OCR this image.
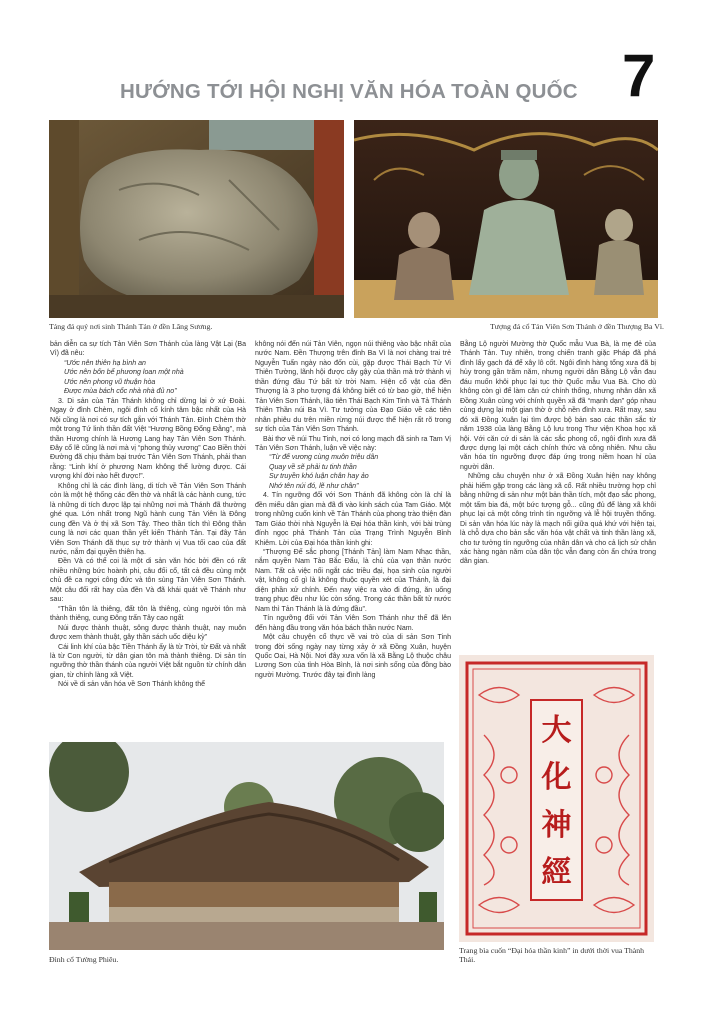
HƯỚNG TỚI HỘI NGHỊ VĂN HÓA TOÀN QUỐC 7
Tảng đá quý nơi sinh Thánh Tản ở đền Lăng Sương.	Tượng đá cổ Tản Viên Sơn Thánh ở đền Thượng Ba Vì.

bản diễn ca sự tích Tản Viên Sơn Thánh của làng Vật Lại (Ba Vì) đã nêu:

“Ước nên thiên hạ bình an

Ước nên bốn bể phương loan một nhà

Ước nên phong vũ thuận hòa

Được mùa bách cốc nhà nhà đủ no”

3. Di sản của Tản Thánh không chỉ dừng lại ở xứ Đoài. Ngay ở đình Chèm, ngôi đình cổ kính tâm bậc nhất của Hà Nội cũng là nơi có sự tích gắn với Thánh Tản. Đình Chèm thờ một trong Tứ linh thần đất Việt “Hương Bồng Đổng Đằng”, mà thần Hương chính là Hương Lang hay Tản Viên Sơn Thánh. Đây cổ lẽ cũng là nơi mà vị “phong thủy vương” Cao Biền thời Đường đã chịu thảm bại trước Tản Viên Sơn Thánh, phải than rằng: “Linh khí ở phương Nam không thể lường được. Cái vượng khí đời nào hết được!”.

Không chỉ là các đình làng, di tích về Tản Viên Sơn Thánh còn là một hệ thống các đền thờ và nhất là các hành cung, tức là những di tích được lập tại những nơi mà Thánh đã thường ghé qua. Lớn nhất trong Ngũ hành cung Tản Viên là Đông cung đền Và ở thị xã Sơn Tây. Theo thần tích thì Đông thần cung là nơi các quan thần yết kiến Thánh Tản. Tại đây Tản Viên Sơn Thánh đã thục sự trở thành vị Vua tối cao của đất nước, nắm đại quyền thiên hạ.

Đền Và có thể coi là một di sản văn hóc bởi đền có rất nhiều những bức hoành phi, câu đối cổ, tất cả đều cùng một chủ đề ca ngợi công đức và tôn sùng Tản Viên Sơn Thánh. Một câu đối rất hay của đền Và đã khái quát về Thánh như sau:

“Thần tôn là thiêng, đất tôn là thiêng, cùng người tôn mà thành thiêng, cung Đông trấn Tây cao ngất

Núi được thành thuật, sông được thành thuật, nay muôn được xem thành thuật, gây thần sách uốc diệu kỳ”

Cái linh khí của bậc Tiền Thánh ấy là từ Trời, từ Đất và nhất là từ Con người, từ dân gian tôn mà thành thiêng. Di sản tín ngưỡng thờ thần thánh của người Việt bắt nguồn từ chính dân gian, từ chính làng xã Việt.

Nói về di sản văn hóa về Sơn Thánh không thể

không nói đến núi Tản Viên, ngọn núi thiêng vào bậc nhất của nước Nam. Đền Thượng trên đỉnh Ba Vì là nơi chàng trai trẻ Nguyễn Tuấn ngày nào đốn củi, gặp được Thái Bạch Tử Vi Thiên Tường, lãnh hội được cây gậy của thần mà trở thành vị thần đứng đầu Tứ bất tử trời Nam. Hiện cổ vật của đền Thượng là 3 pho tượng đá không biết có từ bao giờ, thể hiện Tản Viên Sơn Thánh, lão tiên Thái Bạch Kim Tinh và Tả Thánh Thiên Thần núi Ba Vì. Tư tưởng của Đạo Giáo về các tiên nhân phiêu du trên miền rừng núi được thể hiện rất rõ trong sự tích của Tản Viên Sơn Thánh.

Bài thơ về núi Thu Tinh, nơi có long mạch đã sinh ra Tam Vị Tản Viên Sơn Thánh, luận về việc này:

“Từ đế vương cùng muôn triệu dân

Quay về sẽ phải tu tinh thần

Sự truyền khó luận chân hay ảo

Nhớ tên núi đó, lẽ như chân”

4. Tín ngưỡng đối với Sơn Thánh đã không còn là chỉ là đền miếu dân gian mà đã đi vào kinh sách của Tam Giáo. Một trong những cuốn kinh về Tản Thánh của phong trào thiện đàn Tam Giáo thời nhà Nguyễn là Đại hóa thần kinh, với bài trùng đính ngọc phả Thánh Tản của Trạng Trình Nguyễn Bỉnh Khiêm. Lời của Đại hóa thần kinh ghi:

“Thượng Đế sắc phong [Thánh Tản] làm Nam Nhạc thần, nắm quyền Nam Tào Bắc Đẩu, là chủ của vạn thần nước Nam. Tất cả việc nối ngắt các triều đại, họa sinh của người vật, không cố gì là không thuộc quyền xét của Thánh, là đại diện phần xử chính. Đến nay việc ra vào đi đứng, ăn uống trang phục đều như lúc còn sống. Trong các thần bất tử nước Nam thì Tản Thánh là là đứng đầu”.

Tín ngưỡng đối với Tản Viên Sơn Thánh như thế đã lên đến hàng đầu trong văn hóa bách thần nước Nam.

Một câu chuyện cổ thực về vai trò của di sản Sơn Tinh trong đời sống ngày nay từng xảy ở xã Đồng Xuân, huyện Quốc Oai, Hà Nội. Nơi đây xưa vốn là xã Bằng Lộ thuộc châu Lương Sơn của tỉnh Hòa Bình, là nơi sinh sống của đồng bào người Mường. Trước đây tại đình làng

Bằng Lộ người Mường thờ Quốc mẫu Vua Bà, là mẹ đẻ của Thánh Tản. Tuy nhiên, trong chiến tranh giặc Pháp đã phá đình lấy gạch đá để xây lô cốt. Ngôi đình hàng tổng xưa đã bị hủy trong gần trăm năm, nhưng người dân Bằng Lộ vẫn đau đáu muốn khôi phục lại tục thờ Quốc mẫu Vua Bà. Cho dù không còn gì để làm căn cứ chính thống, nhưng nhân dân xã Đồng Xuân cùng với chính quyền xã đã “mạnh dạn” góp nhau cùng dựng lại một gian thờ ở chỗ nền đình xưa. Rất may, sau đó xã Đồng Xuân lại tìm được bộ bản sao các thần sắc từ năm 1938 của làng Bằng Lộ lưu trong Thư viện Khoa học xã hội. Với căn cứ di sản là các sắc phong cổ, ngôi đình xưa đã được dựng lại một cách chính thức và công nhiên. Nhu cầu văn hóa tín ngưỡng được đáp ứng trong niềm hoan hỉ của người dân.

Những câu chuyện như ở xã Đồng Xuân hiện nay không phải hiếm gặp trong các làng xã cổ. Rất nhiều trường hợp chỉ bằng những di sản như một bản thần tích, một đạo sắc phong, một tấm bia đá, một bức tượng gỗ... cũng đủ để làng xã khôi phục lại cả một công trình tín ngưỡng và lễ hội truyền thống. Di sản văn hóa lúc này là mạch nối giữa quá khứ với hiện tại, là chỗ dựa cho bản sắc văn hóa vật chất và tinh thần làng xã, cho tư tưởng tín ngưỡng của nhân dân và cho cả lịch sử chân xác hàng ngàn năm của dân tộc vẫn đang còn ẩn chứa trong dân gian.

Đình cổ Tường Phiêu.
大
化
神
經
Trang bìa cuốn “Đại hóa thần kinh” in dưới thời vua Thành Thái.
